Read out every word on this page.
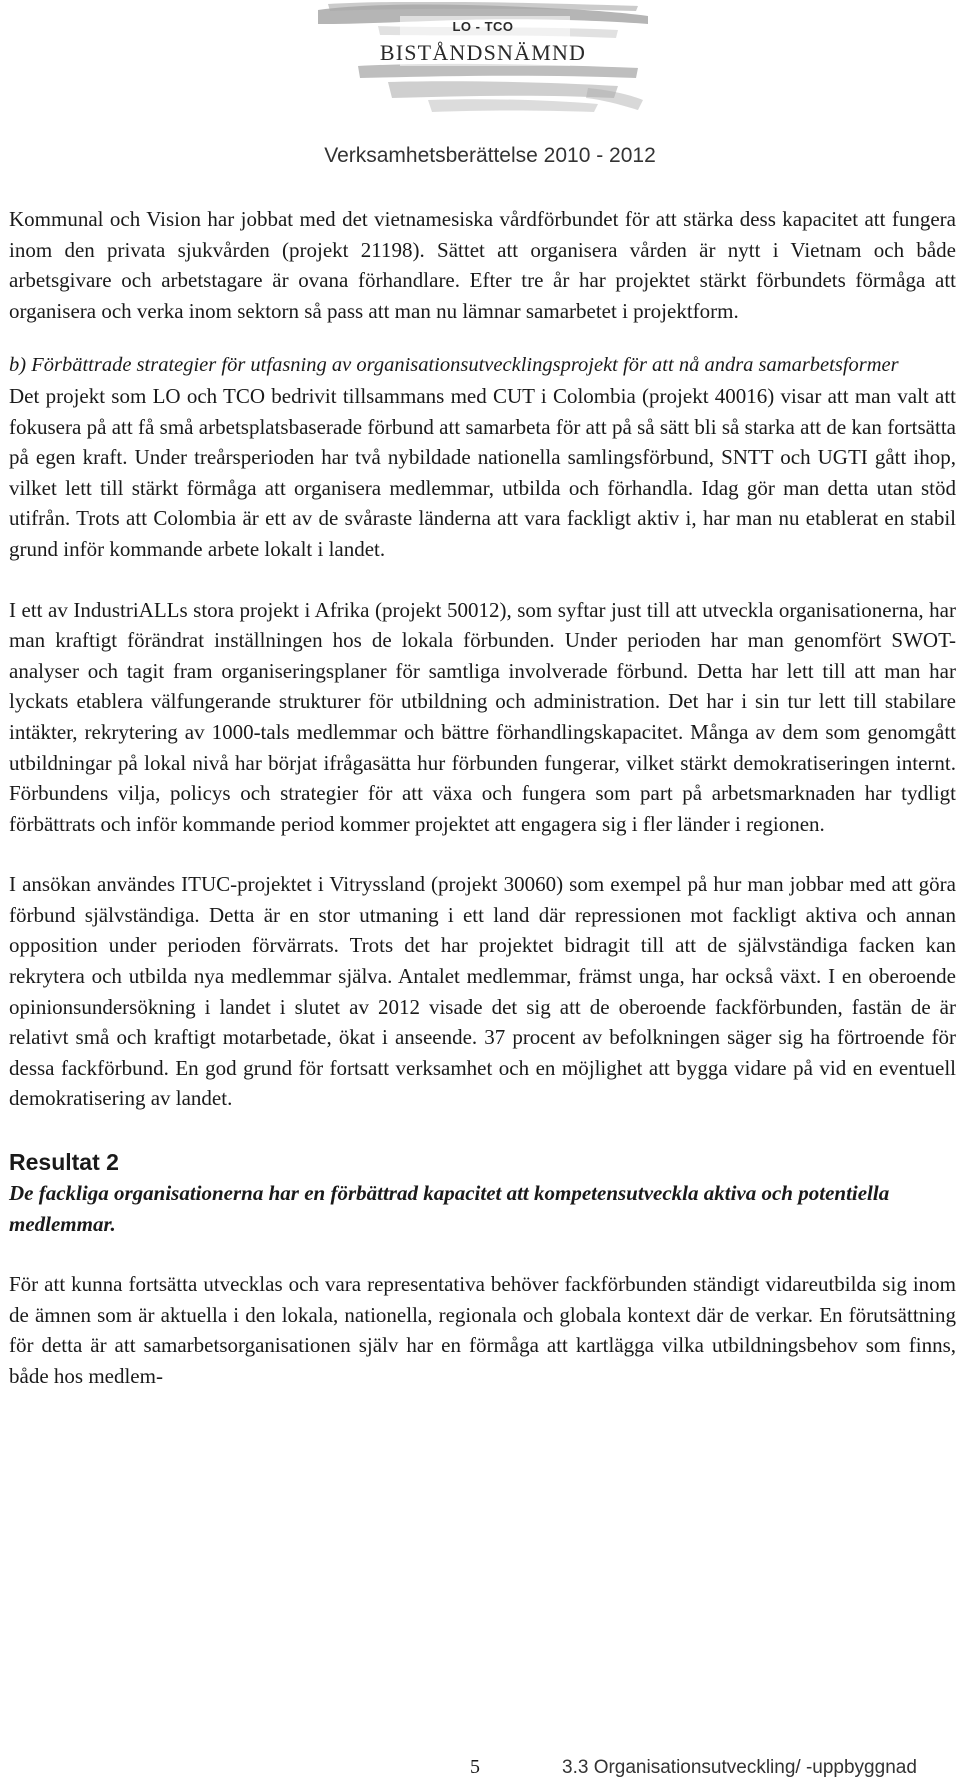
LO - TCO
BISTÅNDSNÄMND
Verksamhetsberättelse 2010 - 2012

Kommunal och Vision har jobbat med det vietnamesiska vårdförbundet för att stärka dess kapacitet att fungera inom den privata sjukvården (projekt 21198). Sättet att organisera vården är nytt i Vietnam och både arbetsgivare och arbetstagare är ovana förhandlare. Efter tre år har projektet stärkt förbundets förmåga att organisera och verka inom sektorn så pass att man nu lämnar samarbetet i projektform.

b) Förbättrade strategier för utfasning av organisationsutvecklingsprojekt för att nå andra samarbetsformer

Det projekt som LO och TCO bedrivit tillsammans med CUT i Colombia (projekt 40016) visar att man valt att fokusera på att få små arbetsplatsbaserade förbund att samarbeta för att på så sätt bli så starka att de kan fortsätta på egen kraft. Under treårsperioden har två nybildade nationella samlingsförbund, SNTT och UGTI gått ihop, vilket lett till stärkt förmåga att organisera medlemmar, utbilda och förhandla. Idag gör man detta utan stöd utifrån. Trots att Colombia är ett av de svåraste länderna att vara fackligt aktiv i, har man nu etablerat en stabil grund inför kommande arbete lokalt i landet.

I ett av IndustriALLs stora projekt i Afrika (projekt 50012), som syftar just till att utveckla organisationerna, har man kraftigt förändrat inställningen hos de lokala förbunden. Under perioden har man genomfört SWOT-analyser och tagit fram organiseringsplaner för samtliga involverade förbund. Detta har lett till att man har lyckats etablera välfungerande strukturer för utbildning och administration. Det har i sin tur lett till stabilare intäkter, rekrytering av 1000-tals medlemmar och bättre förhandlingskapacitet. Många av dem som genomgått utbildningar på lokal nivå har börjat ifrågasätta hur förbunden fungerar, vilket stärkt demokratiseringen internt. Förbundens vilja, policys och strategier för att växa och fungera som part på arbetsmarknaden har tydligt förbättrats och inför kommande period kommer projektet att engagera sig i fler länder i regionen.

I ansökan användes ITUC-projektet i Vitryssland (projekt 30060) som exempel på hur man jobbar med att göra förbund självständiga. Detta är en stor utmaning i ett land där repressionen mot fackligt aktiva och annan opposition under perioden förvärrats. Trots det har projektet bidragit till att de självständiga facken kan rekrytera och utbilda nya medlemmar själva. Antalet medlemmar, främst unga, har också växt. I en oberoende opinionsundersökning i landet i slutet av 2012 visade det sig att de oberoende fackförbunden, fastän de är relativt små och kraftigt motarbetade, ökat i anseende. 37 procent av befolkningen säger sig ha förtroende för dessa fackförbund. En god grund för fortsatt verksamhet och en möjlighet att bygga vidare på vid en eventuell demokratisering av landet.

Resultat 2

De fackliga organisationerna har en förbättrad kapacitet att kompetensutveckla aktiva och potentiella medlemmar.

För att kunna fortsätta utvecklas och vara representativa behöver fackförbunden ständigt vidareutbilda sig inom de ämnen som är aktuella i den lokala, nationella, regionala och globala kontext där de verkar. En förutsättning för detta är att samarbetsorganisationen själv har en förmåga att kartlägga vilka utbildningsbehov som finns, både hos medlem-

5	3.3 Organisationsutveckling/ -uppbyggnad
